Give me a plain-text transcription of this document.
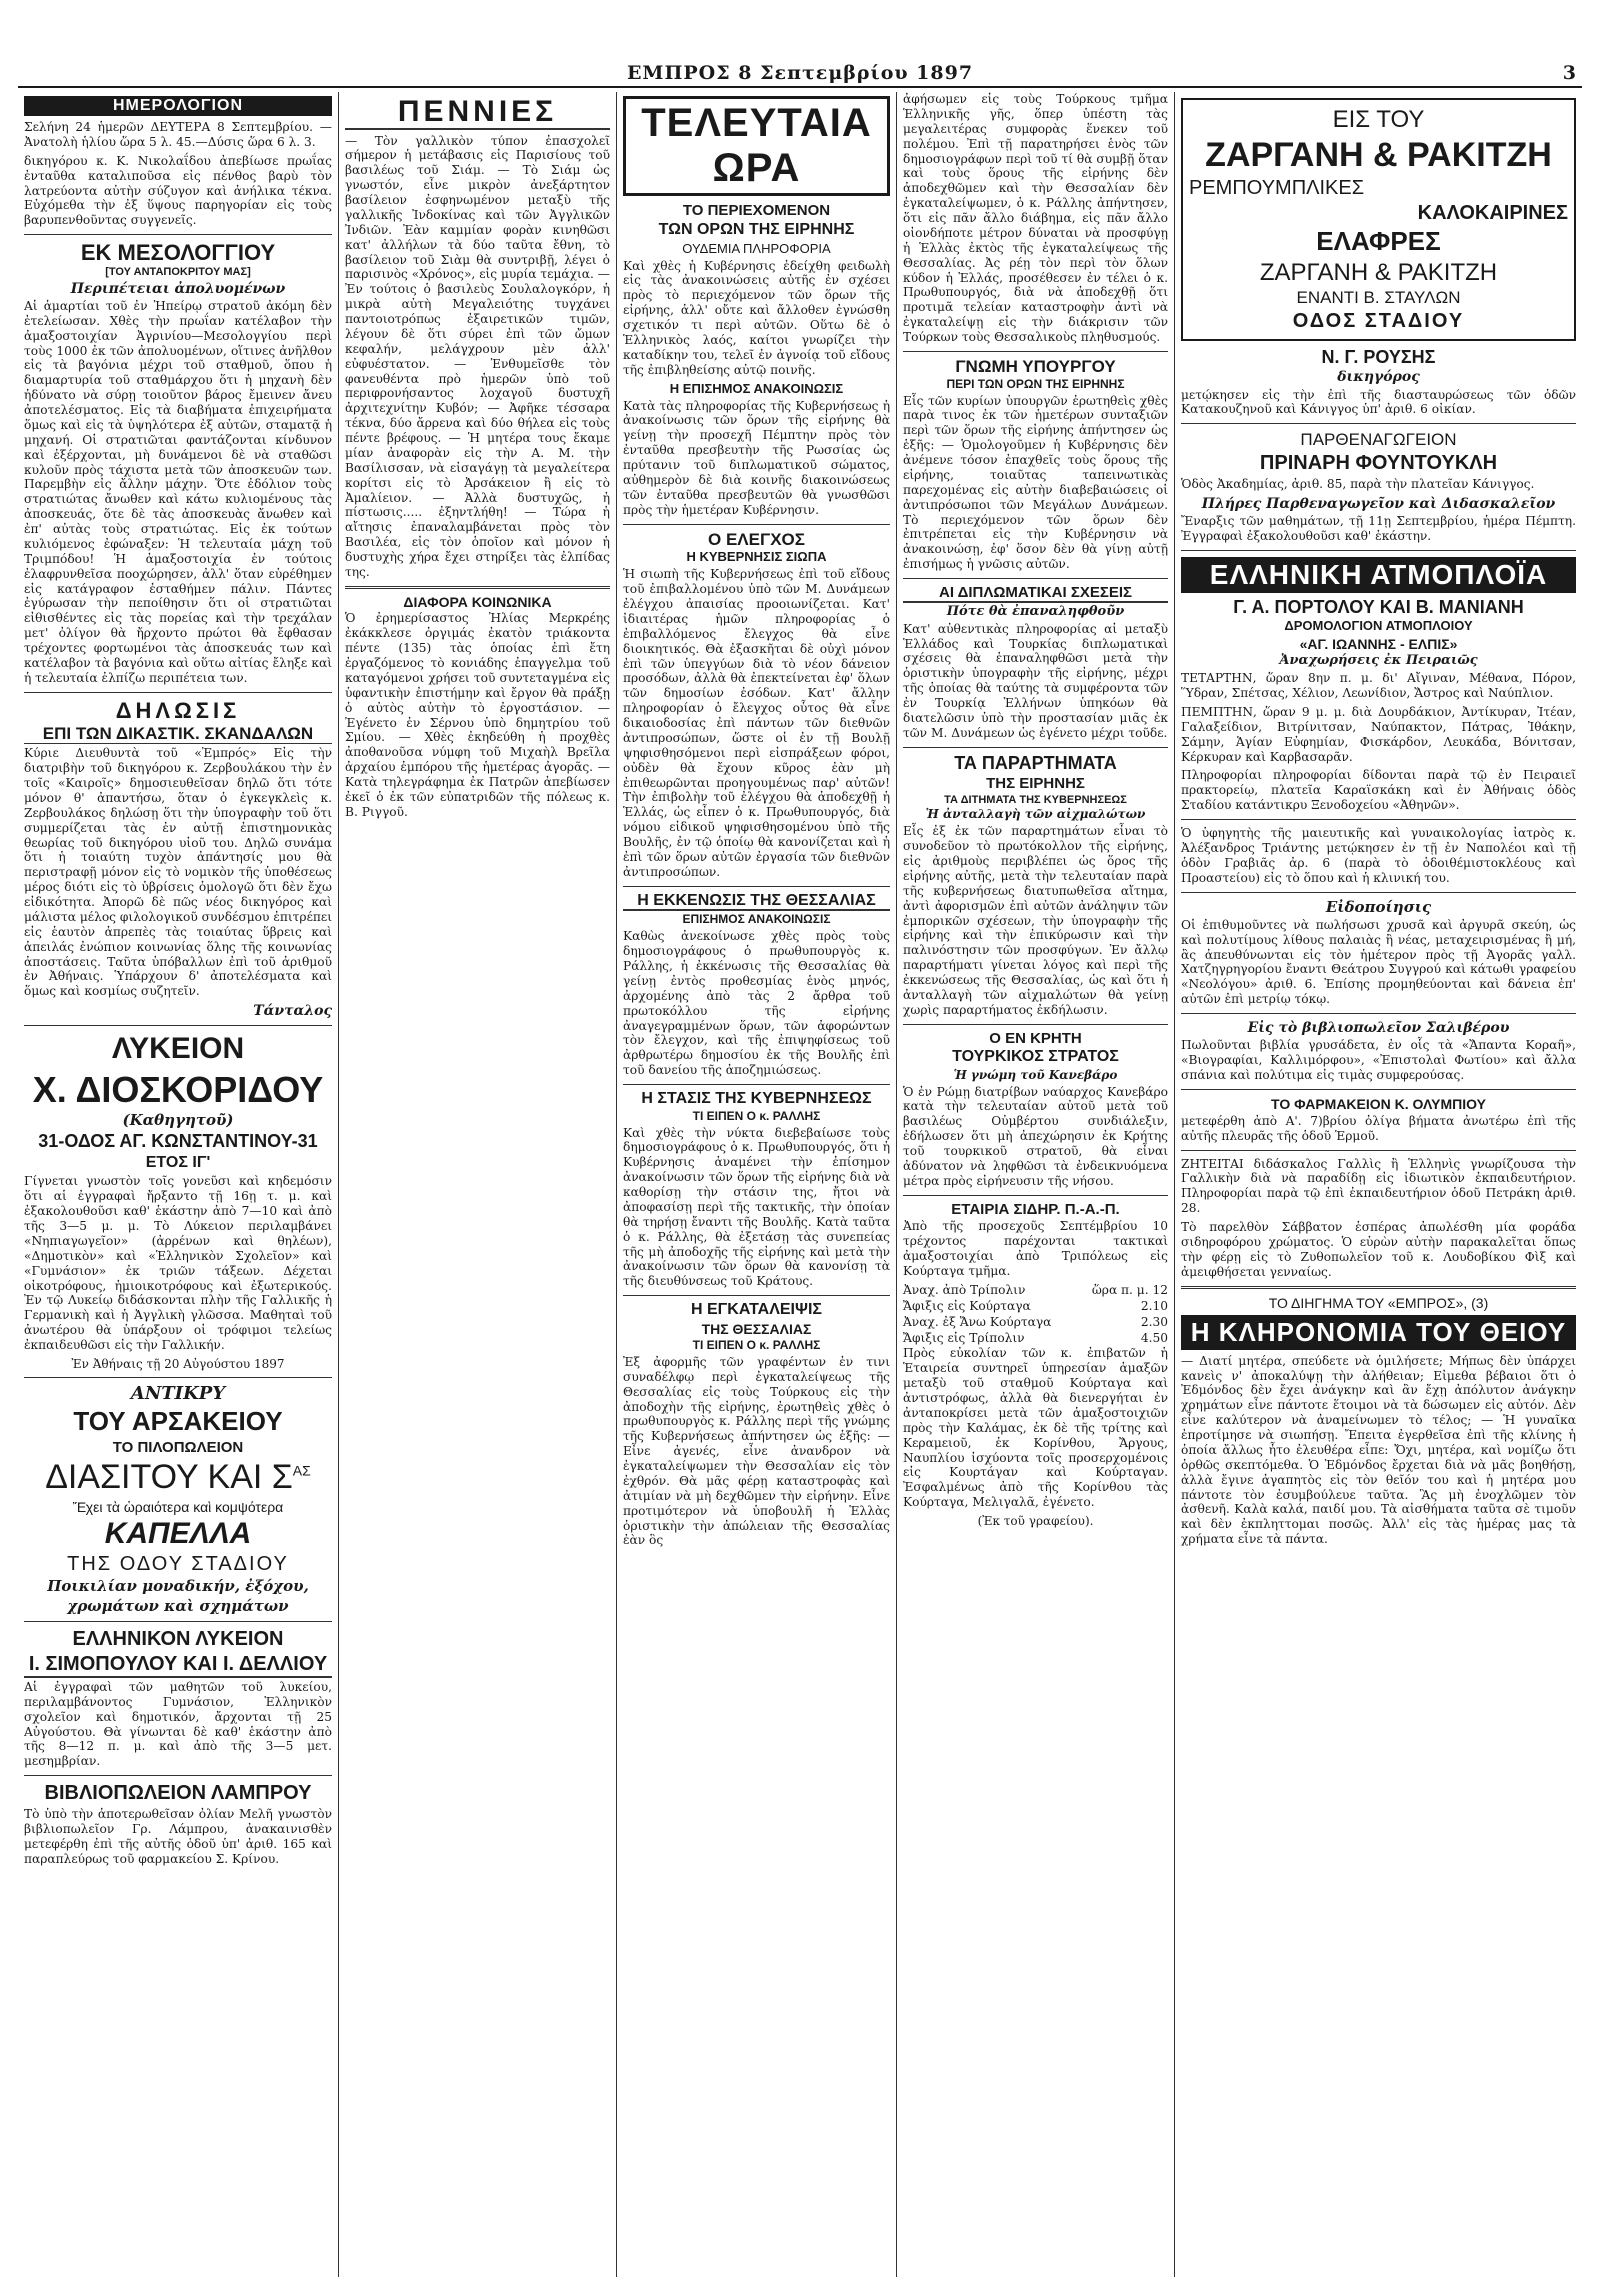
ΕΜΠΡΟΣ 8 Σεπτεμβρίου 1897	3
ΗΜΕΡΟΛΟΓΙΟΝ

Σελήνη 24 ἡμερῶν ΔΕΥΤΕΡΑ 8 Σεπτεμβρίου. — Ἀνατολὴ ἡλίου ὥρα 5 λ. 45.—Δύσις ὥρα 6 λ. 3.

δικηγόρου κ. Κ. Νικολαΐδου ἀπεβίωσε πρωΐας ἐνταῦθα καταλιποῦσα εἰς πένθος βαρὺ τὸν λατρεύοντα αὐτὴν σύζυγον καὶ ἀνήλικα τέκνα. Εὐχόμεθα τὴν ἐξ ὕψους παρηγορίαν εἰς τοὺς βαρυπενθοῦντας συγγενεῖς.

ΕΚ ΜΕΣΟΛΟΓΓΙΟΥ
[ΤΟΥ ΑΝΤΑΠΟΚΡΙΤΟΥ ΜΑΣ]
Περιπέτειαι ἀπολυομένων

Αἱ ἁμαρτίαι τοῦ ἐν Ἠπείρῳ στρατοῦ ἀκόμη δὲν ἐτελείωσαν. Χθὲς τὴν πρωΐαν κατέλαβον τὴν ἀμαξοστοιχίαν Ἀγρινίου—Μεσολογγίου περὶ τοὺς 1000 ἐκ τῶν ἀπολυομένων, οἵτινες ἀνῆλθον εἰς τὰ βαγόνια μέχρι τοῦ σταθμοῦ, ὅπου ἡ διαμαρτυρία τοῦ σταθμάρχου ὅτι ἡ μηχανὴ δὲν ἠδύνατο νὰ σύρῃ τοιοῦτον βάρος ἔμεινεν ἄνευ ἀποτελέσματος. Εἰς τὰ διαβήματα ἐπιχειρήματα ὅμως καὶ εἰς τὰ ὑψηλότερα ἐξ αὐτῶν, σταματᾷ ἡ μηχανή. Οἱ στρατιῶται φαντάζονται κίνδυνον καὶ ἐξέρχονται, μὴ δυνάμενοι δὲ νὰ σταθῶσι κυλοῦν πρὸς τάχιστα μετὰ τῶν ἀποσκευῶν των. Παρεμβὴν εἰς ἄλλην μάχην. Ὅτε ἐδόλιον τοὺς στρατιώτας ἄνωθεν καὶ κάτω κυλιομένους τὰς ἀποσκευάς, ὅτε δὲ τὰς ἀποσκευὰς ἄνωθεν καὶ ἐπ' αὐτὰς τοὺς στρατιώτας. Εἰς ἐκ τούτων κυλιόμενος ἐφώναξεν: Ἡ τελευταία μάχη τοῦ Τριμπόδου! Ἡ ἀμαξοστοιχία ἐν τούτοις ἐλαφρυνθεῖσα ποοχώρησεν, ἀλλ' ὅταν εὑρέθημεν εἰς κατάγραφον ἐσταθήμεν πάλιν. Πάντες ἐγύρωσαν τὴν πεποίθησιν ὅτι οἱ στρατιῶται εἰθισθέντες εἰς τὰς πορείας καὶ τὴν τρεχάλαν μετ' ὀλίγον θὰ ἤρχοντο πρώτοι θὰ ἔφθασαν τρέχοντες φορτωμένοι τὰς ἀποσκευάς των καὶ κατέλαβον τὰ βαγόνια καὶ οὕτω αἰτίας ἔληξε καὶ ἡ τελευταία ἐλπίζω περιπέτεια των.

ΔΗΛΩΣΙΣ
ΕΠΙ ΤΩΝ ΔΙΚΑΣΤΙΚ. ΣΚΑΝΔΑΛΩΝ

Κύριε Διευθυντὰ τοῦ «Ἐμπρός» Εἰς τὴν διατριβὴν τοῦ δικηγόρου κ. Ζερβουλάκου τὴν ἐν τοῖς «Καιροῖς» δημοσιευθεῖσαν δηλῶ ὅτι τότε μόνον θ' ἀπαντήσω, ὅταν ὁ ἐγκεγκλεὶς κ. Ζερβουλάκος δηλώσῃ ὅτι τὴν ὑπογραφὴν τοῦ ὅτι συμμερίζεται τὰς ἐν αὐτῇ ἐπιστημονικὰς θεωρίας τοῦ δικηγόρου υἱοῦ του. Δηλῶ συνάμα ὅτι ἡ τοιαύτη τυχὸν ἀπάντησίς μου θὰ περιστραφῇ μόνον εἰς τὸ νομικὸν τῆς ὑποθέσεως μέρος διότι εἰς τὸ ὑβρίσεις ὁμολογῶ ὅτι δὲν ἔχω εἰδικότητα. Ἀπορῶ δὲ πῶς νέος δικηγόρος καὶ μάλιστα μέλος φιλολογικοῦ συνδέσμου ἐπιτρέπει εἰς ἑαυτὸν ἀπρεπὲς τὰς τοιαύτας ὕβρεις καὶ ἀπειλάς ἐνώπιον κοινωνίας ὅλης τῆς κοινωνίας ἀποστάσεις. Ταῦτα ὑπόβαλλων ἐπὶ τοῦ ἀριθμοῦ ἐν Ἀθήναις. Ὑπάρχουν δ' ἀποτελέσματα καὶ ὅμως καὶ κοσμίως συζητεῖν.

Τάνταλος
ΛΥΚΕΙΟΝ
Χ. ΔΙΟΣΚΟΡΙΔΟΥ
(Καθηγητοῦ)
31-ΟΔΟΣ ΑΓ. ΚΩΝΣΤΑΝΤΙΝΟΥ-31
ΕΤΟΣ ΙΓ'

Γίγνεται γνωστὸν τοῖς γονεῦσι καὶ κηδεμόσιν ὅτι αἱ ἐγγραφαὶ ἤρξαντο τῇ 16ῃ τ. μ. καὶ ἐξακολουθοῦσι καθ' ἑκάστην ἀπὸ 7—10 καὶ ἀπὸ τῆς 3—5 μ. μ. Τὸ Λύκειον περιλαμβάνει «Νηπιαγωγεῖον» (ἀρρένων καὶ θηλέων), «Δημοτικὸν» καὶ «Ἑλληνικὸν Σχολεῖον» καὶ «Γυμνάσιον» ἐκ τριῶν τάξεων. Δέχεται οἰκοτρόφους, ἡμιοικοτρόφους καὶ ἐξωτερικούς. Ἐν τῷ Λυκείῳ διδάσκονται πλὴν τῆς Γαλλικῆς ἡ Γερμανικὴ καὶ ἡ Ἀγγλικὴ γλῶσσα. Μαθηταὶ τοῦ ἀνωτέρου θὰ ὑπάρξουν οἱ τρόφιμοι τελείως ἐκπαιδευθῶσι εἰς τὴν Γαλλικήν.

Ἐν Ἀθήναις τῇ 20 Αὐγούστου 1897
ΑΝΤΙΚΡΥ
ΤΟΥ ΑΡΣΑΚΕΙΟΥ
ΤΟ ΠΙΛΟΠΩΛΕΙΟΝ
ΔΙΑΣΙΤΟΥ ΚΑΙ $\Sigma^{A\Sigma}$
Ἔχει τὰ ὡραιότερα καὶ κομψότερα
ΚΑΠΕΛΛΑ
ΤΗΣ ΟΔΟΥ ΣΤΑΔΙΟΥ
Ποικιλίαν μοναδικήν, ἐξόχου,
χρωμάτων καὶ σχημάτων
ΕΛΛΗΝΙΚΟΝ ΛΥΚΕΙΟΝ
Ι. ΣΙΜΟΠΟΥΛΟΥ ΚΑΙ Ι. ΔΕΛΛΙΟΥ

Αἱ ἐγγραφαὶ τῶν μαθητῶν τοῦ λυκείου, περιλαμβάνοντος Γυμνάσιον, Ἑλληνικὸν σχολεῖον καὶ δημοτικόν, ἄρχονται τῇ 25 Αὐγούστου. Θὰ γίνωνται δὲ καθ' ἑκάστην ἀπὸ τῆς 8—12 π. μ. καὶ ἀπὸ τῆς 3—5 μετ. μεσημβρίαν.

ΒΙΒΛΙΟΠΩΛΕΙΟΝ ΛΑΜΠΡΟΥ

Τὸ ὑπὸ τὴν ἀποτερωθεῖσαν ὀλίαν Μελῆ γνωστὸν βιβλιοπωλεῖον Γρ. Λάμπρου, ἀνακαινισθὲν μετεφέρθη ἐπὶ τῆς αὐτῆς ὁδοῦ ὑπ' ἀριθ. 165 καὶ παραπλεύρως τοῦ φαρμακείου Σ. Κρίνου.

ΠΕΝΝΙΕΣ

— Τὸν γαλλικὸν τύπον ἐπασχολεῖ σήμερον ἡ μετάβασις εἰς Παρισίους τοῦ βασιλέως τοῦ Σιάμ. — Τὸ Σιάμ ὡς γνωστόν, εἶνε μικρὸν ἀνεξάρτητον βασίλειον ἐσφηνωμένον μεταξὺ τῆς γαλλικῆς Ἰνδοκίνας καὶ τῶν Ἀγγλικῶν Ἰνδιῶν. Ἐὰν καμμίαν φορὰν κινηθῶσι κατ' ἀλλήλων τὰ δύο ταῦτα ἔθνη, τὸ βασίλειον τοῦ Σιὰμ θὰ συντριβῇ, λέγει ὁ παρισινὸς «Χρόνος», εἰς μυρία τεμάχια. — Ἐν τούτοις ὁ βασιλεὺς Σουλαλογκόρν, ἡ μικρὰ αὐτὴ Μεγαλειότης τυγχάνει παντοιοτρόπως ἐξαιρετικῶν τιμῶν, λέγουν δὲ ὅτι σύρει ἐπὶ τῶν ὤμων κεφαλήν, μελάγχρουν μὲν ἀλλ' εὐφυέστατον. — Ἐνθυμεῖσθε τὸν φανευθέντα πρὸ ἡμερῶν ὑπὸ τοῦ περιφρονήσαντος λοχαγοῦ δυστυχῆ ἀρχιτεχνίτην Κυβόν; — Ἀφῆκε τέσσαρα τέκνα, δύο ἄρρενα καὶ δύο θήλεα εἰς τοὺς πέντε βρέφους. — Ἡ μητέρα τους ἔκαμε μίαν ἀναφορὰν εἰς τὴν Α. Μ. τὴν Βασίλισσαν, νὰ εἰσαγάγῃ τὰ μεγαλείτερα κορίτσι εἰς τὸ Ἀρσάκειον ἢ εἰς τὸ Ἀμαλίειον. — Ἀλλὰ δυστυχῶς, ἡ πίστωσις..... ἐξηντλήθη! — Τώρα ἡ αἴτησις ἐπαναλαμβάνεται πρὸς τὸν Βασιλέα, εἰς τὸν ὁποῖον καὶ μόνον ἡ δυστυχὴς χήρα ἔχει στηρίξει τὰς ἐλπίδας της.

ΔΙΑΦΟΡΑ ΚΟΙΝΩΝΙΚΑ

Ὁ ἐρημερίσαστος Ἠλίας Μερκρέης ἐκάκκλεσε ὀργιμάς ἐκατὸν τριάκοντα πέντε (135) τὰς ὁποίας ἐπὶ ἔτη ἐργαζόμενος τὸ κονιάδης ἐπαγγελμα τοῦ καταγόμενοι χρήσει τοῦ συντεταγμένα εἰς ὑφαντικὴν ἐπιστήμην καὶ ἔργον θὰ πράξῃ ὁ αὐτὸς αὐτὴν τὸ ἐργοστάσιον. — Ἐγένετο ἐν Σέρνου ὑπὸ δημητρίου τοῦ Σμίου. — Χθὲς ἐκηδεύθη ἡ προχθὲς ἀποθανοῦσα νύμφη τοῦ Μιχαὴλ Βρεῖλα ἀρχαίου ἐμπόρου τῆς ἡμετέρας ἀγορᾶς. — Κατὰ τηλεγράφημα ἐκ Πατρῶν ἀπεβίωσεν ἐκεῖ ὁ ἐκ τῶν εὐπατριδῶν τῆς πόλεως κ. Β. Ριγγοῦ.

ΤΕΛΕΥΤΑΙΑ ΩΡΑ
ΤΟ ΠΕΡΙΕΧΟΜΕΝΟΝ
ΤΩΝ ΟΡΩΝ ΤΗΣ ΕΙΡΗΝΗΣ
ΟΥΔΕΜΙΑ ΠΛΗΡΟΦΟΡΙΑ

Καὶ χθὲς ἡ Κυβέρνησις ἐδείχθη φειδωλὴ εἰς τὰς ἀνακοινώσεις αὐτῆς ἐν σχέσει πρὸς τὸ περιεχόμενον τῶν ὅρων τῆς εἰρήνης, ἀλλ' οὔτε καὶ ἄλλοθεν ἐγνώσθη σχετικόν τι περὶ αὐτῶν. Οὕτω δὲ ὁ Ἑλληνικὸς λαός, καίτοι γνωρίζει τὴν καταδίκην του, τελεῖ ἐν ἀγνοίᾳ τοῦ εἴδους τῆς ἐπιβληθείσης αὐτῷ ποινῆς.

Η ΕΠΙΣΗΜΟΣ ΑΝΑΚΟΙΝΩΣΙΣ

Κατὰ τὰς πληροφορίας τῆς Κυβερνήσεως ἡ ἀνακοίνωσις τῶν ὅρων τῆς εἰρήνης θὰ γείνῃ τὴν προσεχῆ Πέμπτην πρὸς τὸν ἐνταῦθα πρεσβευτὴν τῆς Ρωσσίας ὡς πρύτανιν τοῦ διπλωματικοῦ σώματος, αὐθημερὸν δὲ διὰ κοινῆς διακοινώσεως τῶν ἐνταῦθα πρεσβευτῶν θὰ γνωσθῶσι πρὸς τὴν ἡμετέραν Κυβέρνησιν.

Ο ΕΛΕΓΧΟΣ
Η ΚΥΒΕΡΝΗΣΙΣ ΣΙΩΠΑ

Ἡ σιωπὴ τῆς Κυβερνήσεως ἐπὶ τοῦ εἴδους τοῦ ἐπιβαλλομένου ὑπὸ τῶν Μ. Δυνάμεων ἐλέγχου ἀπαισίας προοιωνίζεται. Κατ' ἰδιαιτέρας ἡμῶν πληροφορίας ὁ ἐπιβαλλόμενος ἔλεγχος θὰ εἶνε διοικητικός. Θὰ ἐξασκῆται δὲ οὐχὶ μόνον ἐπὶ τῶν ὑπεγγύων διὰ τὸ νέον δάνειον προσόδων, ἀλλὰ θὰ ἐπεκτείνεται ἐφ' ὅλων τῶν δημοσίων ἐσόδων. Κατ' ἄλλην πληροφορίαν ὁ ἔλεγχος οὗτος θὰ εἶνε δικαιοδοσίας ἐπὶ πάντων τῶν διεθνῶν ἀντιπροσώπων, ὥστε οἱ ἐν τῇ Βουλῇ ψηφισθησόμενοι περὶ εἰσπράξεων φόροι, οὐδὲν θὰ ἔχουν κῦρος ἐὰν μὴ ἐπιθεωρῶνται προηγουμένως παρ' αὐτῶν! Τὴν ἐπιβολὴν τοῦ ἐλέγχου θὰ ἀποδεχθῇ ἡ Ἑλλάς, ὡς εἶπεν ὁ κ. Πρωθυπουργός, διὰ νόμου εἰδικοῦ ψηφισθησομένου ὑπὸ τῆς Βουλῆς, ἐν τῷ ὁποίῳ θὰ κανονίζεται καὶ ἡ ἐπὶ τῶν ὅρων αὐτῶν ἐργασία τῶν διεθνῶν ἀντιπροσώπων.

Η ΕΚΚΕΝΩΣΙΣ ΤΗΣ ΘΕΣΣΑΛΙΑΣ
ΕΠΙΣΗΜΟΣ ΑΝΑΚΟΙΝΩΣΙΣ

Καθὼς ἀνεκοίνωσε χθὲς πρὸς τοὺς δημοσιογράφους ὁ πρωθυπουργὸς κ. Ράλλης, ἡ ἐκκένωσις τῆς Θεσσαλίας θὰ γείνῃ ἐντὸς προθεσμίας ἑνὸς μηνός, ἀρχομένης ἀπὸ τὰς 2 ἄρθρα τοῦ πρωτοκόλλου τῆς εἰρήνης ἀναγεγραμμένων ὅρων, τῶν ἀφορώντων τὸν ἔλεγχον, καὶ τῆς ἐπιψηφίσεως τοῦ ἀρθρωτέρω δημοσίου ἐκ τῆς Βουλῆς ἐπὶ τοῦ δανείου τῆς ἀποζημιώσεως.

Η ΣΤΑΣΙΣ ΤΗΣ ΚΥΒΕΡΝΗΣΕΩΣ
ΤΙ ΕΙΠΕΝ Ο κ. ΡΑΛΛΗΣ

Καὶ χθὲς τὴν νύκτα διεβεβαίωσε τοὺς δημοσιογράφους ὁ κ. Πρωθυπουργός, ὅτι ἡ Κυβέρνησις ἀναμένει τὴν ἐπίσημον ἀνακοίνωσιν τῶν ὅρων τῆς εἰρήνης διὰ νὰ καθορίσῃ τὴν στάσιν της, ἤτοι νὰ ἀποφασίσῃ περὶ τῆς τακτικῆς, τὴν ὁποίαν θὰ τηρήσῃ ἔναντι τῆς Βουλῆς. Κατὰ ταῦτα ὁ κ. Ράλλης, θὰ ἐξετάσῃ τὰς συνεπείας τῆς μὴ ἀποδοχῆς τῆς εἰρήνης καὶ μετὰ τὴν ἀνακοίνωσιν τῶν ὅρων θὰ κανονίσῃ τὰ τῆς διευθύνσεως τοῦ Κράτους.

Η ΕΓΚΑΤΑΛΕΙΨΙΣ
ΤΗΣ ΘΕΣΣΑΛΙΑΣ
ΤΙ ΕΙΠΕΝ Ο κ. ΡΑΛΛΗΣ

Ἐξ ἀφορμῆς τῶν γραφέντων ἐν τινι συναδέλφῳ περὶ ἐγκαταλείψεως τῆς Θεσσαλίας εἰς τοὺς Τούρκους εἰς τὴν ἀποδοχὴν τῆς εἰρήνης, ἐρωτηθεὶς χθὲς ὁ πρωθυπουργὸς κ. Ράλλης περὶ τῆς γνώμης τῆς Κυβερνήσεως ἀπήντησεν ὡς ἑξῆς: — Εἶνε ἀγενές, εἶνε ἀνανδρον νὰ ἐγκαταλείψωμεν τὴν Θεσσαλίαν εἰς τὸν ἐχθρόν. Θὰ μᾶς φέρῃ καταστροφὰς καὶ ἀτιμίαν νὰ μὴ δεχθῶμεν τὴν εἰρήνην. Εἶνε προτιμότερον νὰ ὑποβουλῆ ἡ Ἑλλὰς ὁριστικὴν τὴν ἀπώλειαν τῆς Θεσσαλίας ἐὰν ὃς

ἀφήσωμεν εἰς τοὺς Τούρκους τμῆμα Ἑλληνικῆς γῆς, ὅπερ ὑπέστη τὰς μεγαλειτέρας συμφορὰς ἕνεκεν τοῦ πολέμου. Ἐπὶ τῇ παρατηρήσει ἑνὸς τῶν δημοσιογράφων περὶ τοῦ τί θὰ συμβῇ ὅταν καὶ τοὺς ὅρους τῆς εἰρήνης δὲν ἀποδεχθῶμεν καὶ τὴν Θεσσαλίαν δὲν ἐγκαταλείψωμεν, ὁ κ. Ράλλης ἀπήντησεν, ὅτι εἰς πᾶν ἄλλο διάβημα, εἰς πᾶν ἄλλο οἰονδήποτε μέτρον δύναται νὰ προσφύγῃ ἡ Ἑλλὰς ἐκτὸς τῆς ἐγκαταλείψεως τῆς Θεσσαλίας. Ἀς ρέῃ τὸν περὶ τὸν ὅλων κύδον ἡ Ἑλλάς, προσέθεσεν ἐν τέλει ὁ κ. Πρωθυπουργός, διὰ νὰ ἀποδεχθῇ ὅτι προτιμᾶ τελείαν καταστροφὴν ἀντὶ νὰ ἐγκαταλείψῃ εἰς τὴν διάκρισιν τῶν Τούρκων τοὺς Θεσσαλικοὺς πληθυσμούς.

ΓΝΩΜΗ ΥΠΟΥΡΓΟΥ
ΠΕΡΙ ΤΩΝ ΟΡΩΝ ΤΗΣ ΕΙΡΗΝΗΣ

Εἷς τῶν κυρίων ὑπουργῶν ἐρωτηθεὶς χθὲς παρὰ τινος ἐκ τῶν ἡμετέρων συνταξιῶν περὶ τῶν ὅρων τῆς εἰρήνης ἀπήντησεν ὡς ἑξῆς: — Ὁμολογοῦμεν ἡ Κυβέρνησις δὲν ἀνέμενε τόσον ἐπαχθεῖς τοὺς ὅρους τῆς εἰρήνης, τοιαῦτας ταπεινωτικὰς παρεχομένας εἰς αὐτὴν διαβεβαιώσεις οἱ ἀντιπρόσωποι τῶν Μεγάλων Δυνάμεων. Τὸ περιεχόμενον τῶν ὅρων δὲν ἐπιτρέπεται εἰς τὴν Κυβέρνησιν νὰ ἀνακοινώσῃ, ἐφ' ὅσον δὲν θὰ γίνῃ αὐτῇ ἐπισήμως ἡ γνῶσις αὐτῶν.

ΑΙ ΔΙΠΛΩΜΑΤΙΚΑΙ ΣΧΕΣΕΙΣ
Πότε θὰ ἐπαναληφθοῦν

Κατ' αὐθεντικὰς πληροφορίας αἱ μεταξὺ Ἑλλάδος καὶ Τουρκίας διπλωματικαὶ σχέσεις θὰ ἐπαναληφθῶσι μετὰ τὴν ὁριστικὴν ὑπογραφὴν τῆς εἰρήνης, μέχρι τῆς ὁποίας θὰ ταύτης τὰ συμφέροντα τῶν ἐν Τουρκίᾳ Ἑλλήνων ὑπηκόων θὰ διατελῶσιν ὑπὸ τὴν προστασίαν μιᾶς ἐκ τῶν Μ. Δυνάμεων ὡς ἐγένετο μέχρι τοῦδε.

ΤΑ ΠΑΡΑΡΤΗΜΑΤΑ
ΤΗΣ ΕΙΡΗΝΗΣ
ΤΑ ΔΙΤΗΜΑΤΑ ΤΗΣ ΚΥΒΕΡΝΗΣΕΩΣ
Ἡ ἀνταλλαγὴ τῶν αἰχμαλώτων

Εἷς ἐξ ἐκ τῶν παραρτημάτων εἶναι τὸ συνοδεῦον τὸ πρωτόκολλον τῆς εἰρήνης, εἰς ἀριθμοὺς περιβλέπει ὡς ὅρος τῆς εἰρήνης αὐτῆς, μετὰ τὴν τελευταίαν παρὰ τῆς κυβερνήσεως διατυπωθεῖσα αἴτημα, ἀντὶ ἀφορισμῶν ἐπὶ αὐτῶν ἀνάληψιν τῶν ἐμπορικῶν σχέσεων, τὴν ὑπογραφὴν τῆς εἰρήνης καὶ τὴν ἐπικύρωσιν καὶ τὴν παλινόστησιν τῶν προσφύγων. Ἐν ἄλλῳ παραρτήματι γίνεται λόγος καὶ περὶ τῆς ἐκκενώσεως τῆς Θεσσαλίας, ὡς καὶ ὅτι ἡ ἀνταλλαγὴ τῶν αἰχμαλώτων θὰ γείνῃ χωρὶς παραρτήματος ἐκδήλωσιν.

Ο ΕΝ ΚΡΗΤΗ
ΤΟΥΡΚΙΚΟΣ ΣΤΡΑΤΟΣ
Ἡ γνώμη τοῦ Κανεβάρο

Ὁ ἐν Ρώμῃ διατρίβων ναύαρχος Κανεβάρο κατὰ τὴν τελευταίαν αὐτοῦ μετὰ τοῦ βασιλέως Οὐμβέρτου συνδιάλεξιν, ἐδήλωσεν ὅτι μὴ ἀπεχώρησιν ἐκ Κρήτης τοῦ τουρκικοῦ στρατοῦ, θὰ εἶναι ἀδύνατον νὰ ληφθῶσι τὰ ἐνδεικνυόμενα μέτρα πρὸς εἰρήνευσιν τῆς νήσου.

ΕΤΑΙΡΙΑ ΣΙΔΗΡ. Π.-Α.-Π.

Ἀπὸ τῆς προσεχοῦς Σεπτέμβρίου 10 τρέχοντος παρέχονται τακτικαὶ ἀμαξοστοιχίαι ἀπὸ Τριπόλεως εἰς Κούρταγα τμῆμα.

Ἀναχ. ἀπὸ Τρίπολιν	ὥρα π. μ. 12
Ἄφιξις εἰς Κούρταγα	2.10
Ἀναχ. ἐξ Ἄνω Κούρταγα	2.30
Ἄφιξις εἰς Τρίπολιν	4.50

Πρὸς εὐκολίαν τῶν κ. ἐπιβατῶν ἡ Ἑταιρεία συντηρεῖ ὑπηρεσίαν ἁμαξῶν μεταξὺ τοῦ σταθμοῦ Κούρταγα καὶ ἀντιστρόφως, ἀλλὰ θὰ διενεργήται ἐν ἀνταποκρίσει μετὰ τῶν ἁμαξοστοιχιῶν πρὸς τὴν Καλάμας, ἐκ δὲ τῆς τρίτης καὶ Κεραμειοῦ, ἐκ Κορίνθου, Ἄργους, Ναυπλίου ἰσχύοντα τοῖς προσερχομένοις εἰς Κουρτάγαν καὶ Κούρταγαν. Ἐσφαλμένως ἀπὸ τῆς Κορίνθου τὰς Κούρταγα, Μελιγαλᾶ, ἐγένετο.

(Ἐκ τοῦ γραφείου).
ΕΙΣ ΤΟΥ
ΖΑΡΓΑΝΗ & ΡΑΚΙΤΖΗ
ΡΕΜΠΟΥΜΠΛΙΚΕΣ
ΚΑΛΟΚΑΙΡΙΝΕΣ
ΕΛΑΦΡΕΣ
ΖΑΡΓΑΝΗ & ΡΑΚΙΤΖΗ
ΕΝΑΝΤΙ Β. ΣΤΑΥΛΩΝ
ΟΔΟΣ ΣΤΑΔΙΟΥ
Ν. Γ. ΡΟΥΣΗΣ
δικηγόρος

μετῴκησεν εἰς τὴν ἐπὶ τῆς διασταυρώσεως τῶν ὁδῶν Κατακουζηνοῦ καὶ Κάνιγγος ὑπ' ἀριθ. 6 οἰκίαν.

ΠΑΡΘΕΝΑΓΩΓΕΙΟΝ
ΠΡΙΝΑΡΗ ΦΟΥΝΤΟΥΚΛΗ

Ὁδὸς Ἀκαδημίας, ἀριθ. 85, παρὰ τὴν πλατεῖαν Κάνιγγος.

Πλήρες Παρθεναγωγεῖον καὶ Διδασκαλεῖον

Ἔναρξις τῶν μαθημάτων, τῇ 11ῃ Σεπτεμβρίου, ἡμέρα Πέμπτη. Ἐγγραφαὶ ἐξακολουθοῦσι καθ' ἑκάστην.

ΕΛΛΗΝΙΚΗ ΑΤΜΟΠΛΟΪΑ
Γ. Α. ΠΟΡΤΟΛΟΥ ΚΑΙ Β. ΜΑΝΙΑΝΗ
ΔΡΟΜΟΛΟΓΙΟΝ ΑΤΜΟΠΛΟΙΟΥ
«ΑΓ. ΙΩΑΝΝΗΣ - ΕΛΠΙΣ»
Ἀναχωρήσεις ἐκ Πειραιῶς

ΤΕΤΑΡΤΗΝ, ὥραν 8ην π. μ. δι' Αἴγιναν, Μέθανα, Πόρον, Ὕδραν, Σπέτσας, Χέλιον, Λεωνίδιον, Ἄστρος καὶ Ναύπλιον.

ΠΕΜΠΤΗΝ, ὥραν 9 μ. μ. διὰ Δουρδάκιον, Ἀντίκυραν, Ἰτέαν, Γαλαξείδιον, Βιτρίνιτσαν, Ναύπακτον, Πάτρας, Ἰθάκην, Σάμην, Ἁγίαν Εὐφημίαν, Φισκάρδον, Λευκάδα, Βόνιτσαν, Κέρκυραν καὶ Καρβασαρᾶν.

Πληροφορίαι πληροφορίαι δίδονται παρὰ τῷ ἐν Πειραιεῖ πρακτορείῳ, πλατεῖα Καραϊσκάκη καὶ ἐν Ἀθήναις ὁδὸς Σταδίου κατάντικρυ Ξενοδοχείου «Ἀθηνῶν».

Ὁ ὑφηγητὴς τῆς μαιευτικῆς καὶ γυναικολογίας ἰατρὸς κ. Ἀλέξανδρος Τριάντης μετῴκησεν ἐν τῇ ἐν Ναπολέοι καὶ τῇ ὁδὸν Γραβιᾶς ἀρ. 6 (παρὰ τὸ ὁδοιθέμιστοκλέους καὶ Προαστείου) εἰς τὸ ὅπου καὶ ἡ κλινική του.

Εἰδοποίησις

Οἱ ἐπιθυμοῦντες νὰ πωλήσωσι χρυσᾶ καὶ ἀργυρᾶ σκεύη, ὡς καὶ πολυτίμους λίθους παλαιὰς ἢ νέας, μεταχειρισμένας ἢ μή, ἂς ἀπευθύνωνται εἰς τὸν ἡμέτερον πρὸς τῇ Ἀγορᾶς γαλλ. Χατζηγρηγορίου ἔναντι Θεάτρου Συγγρού καὶ κάτωθι γραφείου «Νεολόγου» ἀριθ. 6. Ἐπίσης προμηθεύονται καὶ δάνεια ἐπ' αὐτῶν ἐπὶ μετρίῳ τόκῳ.

Εἰς τὸ βιβλιοπωλεῖον Σαλιβέρου

Πωλοῦνται βιβλία γρυσάδετα, ἐν οἷς τὰ «Ἄπαντα Κοραῆ», «Βιογραφίαι, Καλλιμόρφου», «Ἐπιστολαὶ Φωτίου» καὶ ἄλλα σπάνια καὶ πολύτιμα εἰς τιμὰς συμφερούσας.

ΤΟ ΦΑΡΜΑΚΕΙΟΝ Κ. ΟΛΥΜΠΙΟΥ

μετεφέρθη ἀπὸ Α'. 7)βρίου ὀλίγα βήματα ἀνωτέρω ἐπὶ τῆς αὐτῆς πλευρᾶς τῆς ὁδοῦ Ἑρμοῦ.

ΖΗΤΕΙΤΑΙ διδάσκαλος Γαλλὶς ἢ Ἑλληνὶς γνωρίζουσα τὴν Γαλλικὴν διὰ νὰ παραδίδῃ εἰς ἰδιωτικὸν ἐκπαιδευτήριον. Πληροφορίαι παρὰ τῷ ἐπὶ ἐκπαιδευτήριον ὁδοῦ Πετράκη ἀριθ. 28.

Τὸ παρελθὸν Σάββατον ἑσπέρας ἀπωλέσθη μία φοράδα σιδηροφόρου χρώματος. Ὁ εὑρὼν αὐτὴν παρακαλεῖται ὅπως τὴν φέρῃ εἰς τὸ Ζυθοπωλεῖον τοῦ κ. Λουδοβίκου Φὶξ καὶ ἀμειφθήσεται γενναίως.

ΤΟ ΔΙΗΓΗΜΑ ΤΟΥ «ΕΜΠΡΟΣ», (3)
Η ΚΛΗΡΟΝΟΜΙΑ ΤΟΥ ΘΕΙΟΥ

— Διατί μητέρα, σπεύδετε νὰ ὁμιλήσετε; Μήπως δὲν ὑπάρχει κανεὶς ν' ἀποκαλύψῃ τὴν ἀλήθειαν; Εἰμεθα βέβαιοι ὅτι ὁ Ἐδμόνδος δὲν ἔχει ἀνάγκην καὶ ἂν ἔχῃ ἀπόλυτον ἀνάγκην χρημάτων εἶνε πάντοτε ἕτοιμοι νὰ τὰ δώσωμεν εἰς αὐτόν. Δὲν εἶνε καλύτερον νὰ ἀναμείνωμεν τὸ τέλος; — Ἡ γυναῖκα ἐπροτίμησε νὰ σιωπήσῃ. Ἔπειτα ἐγερθεῖσα ἐπὶ τῆς κλίνης ἡ ὁποία ἄλλως ἦτο ἐλευθέρα εἶπε: Ὄχι, μητέρα, καὶ νομίζω ὅτι ὀρθῶς σκεπτόμεθα. Ὁ Ἐδμόνδος ἔρχεται διὰ νὰ μᾶς βοηθήσῃ, ἀλλὰ ἔγινε ἀγαπητὸς εἰς τὸν θεῖόν του καὶ ἡ μητέρα μου πάντοτε τὸν ἐσυμβούλευε ταῦτα. Ἃς μὴ ἐνοχλῶμεν τὸν ἀσθενῆ. Καλὰ καλά, παιδί μου. Τὰ αἰσθήματα ταῦτα σὲ τιμοῦν καὶ δὲν ἐκπληττομαι ποσῶς. Ἀλλ' εἰς τὰς ἡμέρας μας τὰ χρήματα εἶνε τὰ πάντα.
